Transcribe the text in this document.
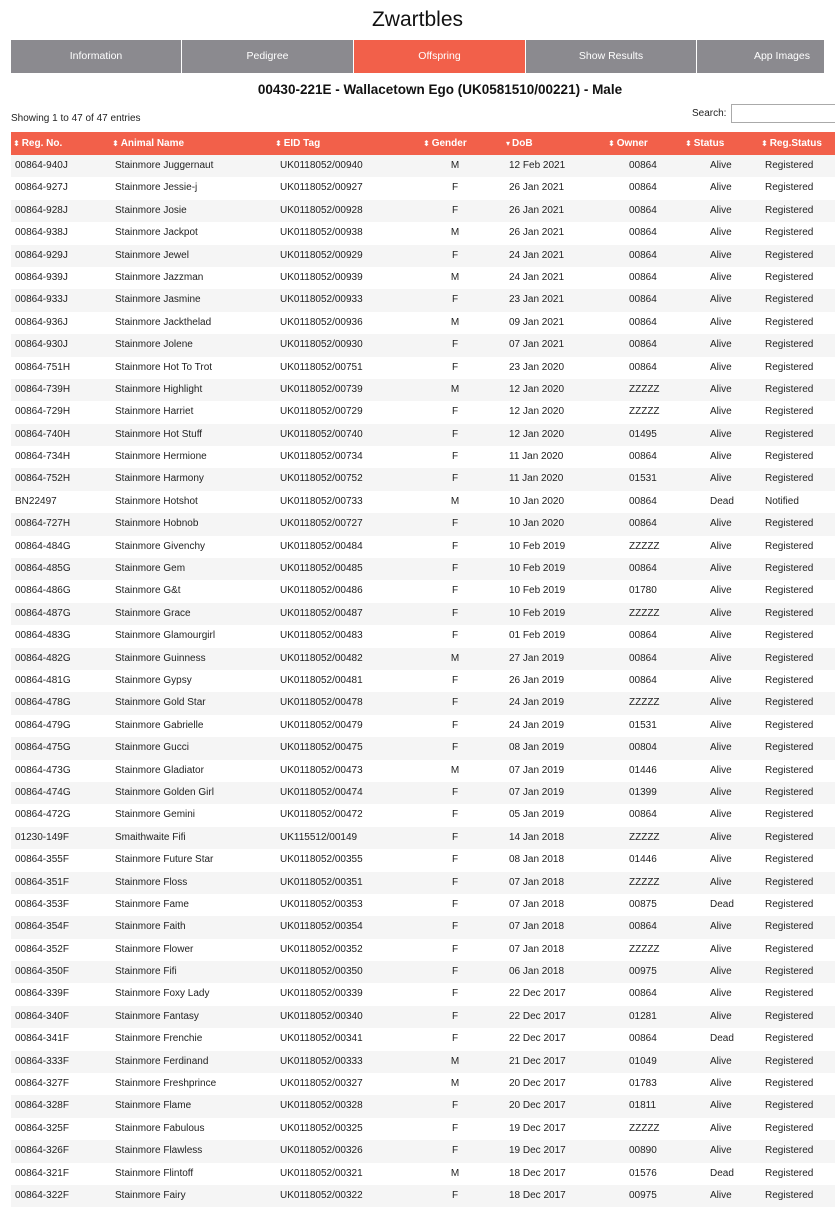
Zwartbles
Information	Pedigree	Offspring	Show Results	App Images
00430-221E - Wallacetown Ego (UK0581510/00221) - Male
Showing 1 to 47 of 47 entries	Search:
⬍ Reg. No.	⬍ Animal Name	⬍ EID Tag	⬍ Gender	▾ DoB	⬍ Owner	⬍ Status	⬍ Reg.Status
00864-940J	Stainmore Juggernaut	UK0118052/00940	M	12 Feb 2021	00864	Alive	Registered
00864-927J	Stainmore Jessie-j	UK0118052/00927	F	26 Jan 2021	00864	Alive	Registered
00864-928J	Stainmore Josie	UK0118052/00928	F	26 Jan 2021	00864	Alive	Registered
00864-938J	Stainmore Jackpot	UK0118052/00938	M	26 Jan 2021	00864	Alive	Registered
00864-929J	Stainmore Jewel	UK0118052/00929	F	24 Jan 2021	00864	Alive	Registered
00864-939J	Stainmore Jazzman	UK0118052/00939	M	24 Jan 2021	00864	Alive	Registered
00864-933J	Stainmore Jasmine	UK0118052/00933	F	23 Jan 2021	00864	Alive	Registered
00864-936J	Stainmore Jackthelad	UK0118052/00936	M	09 Jan 2021	00864	Alive	Registered
00864-930J	Stainmore Jolene	UK0118052/00930	F	07 Jan 2021	00864	Alive	Registered
00864-751H	Stainmore Hot To Trot	UK0118052/00751	F	23 Jan 2020	00864	Alive	Registered
00864-739H	Stainmore Highlight	UK0118052/00739	M	12 Jan 2020	ZZZZZ	Alive	Registered
00864-729H	Stainmore Harriet	UK0118052/00729	F	12 Jan 2020	ZZZZZ	Alive	Registered
00864-740H	Stainmore Hot Stuff	UK0118052/00740	F	12 Jan 2020	01495	Alive	Registered
00864-734H	Stainmore Hermione	UK0118052/00734	F	11 Jan 2020	00864	Alive	Registered
00864-752H	Stainmore Harmony	UK0118052/00752	F	11 Jan 2020	01531	Alive	Registered
BN22497	Stainmore Hotshot	UK0118052/00733	M	10 Jan 2020	00864	Dead	Notified
00864-727H	Stainmore Hobnob	UK0118052/00727	F	10 Jan 2020	00864	Alive	Registered
00864-484G	Stainmore Givenchy	UK0118052/00484	F	10 Feb 2019	ZZZZZ	Alive	Registered
00864-485G	Stainmore Gem	UK0118052/00485	F	10 Feb 2019	00864	Alive	Registered
00864-486G	Stainmore G&t	UK0118052/00486	F	10 Feb 2019	01780	Alive	Registered
00864-487G	Stainmore Grace	UK0118052/00487	F	10 Feb 2019	ZZZZZ	Alive	Registered
00864-483G	Stainmore Glamourgirl	UK0118052/00483	F	01 Feb 2019	00864	Alive	Registered
00864-482G	Stainmore Guinness	UK0118052/00482	M	27 Jan 2019	00864	Alive	Registered
00864-481G	Stainmore Gypsy	UK0118052/00481	F	26 Jan 2019	00864	Alive	Registered
00864-478G	Stainmore Gold Star	UK0118052/00478	F	24 Jan 2019	ZZZZZ	Alive	Registered
00864-479G	Stainmore Gabrielle	UK0118052/00479	F	24 Jan 2019	01531	Alive	Registered
00864-475G	Stainmore Gucci	UK0118052/00475	F	08 Jan 2019	00804	Alive	Registered
00864-473G	Stainmore Gladiator	UK0118052/00473	M	07 Jan 2019	01446	Alive	Registered
00864-474G	Stainmore Golden Girl	UK0118052/00474	F	07 Jan 2019	01399	Alive	Registered
00864-472G	Stainmore Gemini	UK0118052/00472	F	05 Jan 2019	00864	Alive	Registered
01230-149F	Smaithwaite Fifi	UK115512/00149	F	14 Jan 2018	ZZZZZ	Alive	Registered
00864-355F	Stainmore Future Star	UK0118052/00355	F	08 Jan 2018	01446	Alive	Registered
00864-351F	Stainmore Floss	UK0118052/00351	F	07 Jan 2018	ZZZZZ	Alive	Registered
00864-353F	Stainmore Fame	UK0118052/00353	F	07 Jan 2018	00875	Dead	Registered
00864-354F	Stainmore Faith	UK0118052/00354	F	07 Jan 2018	00864	Alive	Registered
00864-352F	Stainmore Flower	UK0118052/00352	F	07 Jan 2018	ZZZZZ	Alive	Registered
00864-350F	Stainmore Fifi	UK0118052/00350	F	06 Jan 2018	00975	Alive	Registered
00864-339F	Stainmore Foxy Lady	UK0118052/00339	F	22 Dec 2017	00864	Alive	Registered
00864-340F	Stainmore Fantasy	UK0118052/00340	F	22 Dec 2017	01281	Alive	Registered
00864-341F	Stainmore Frenchie	UK0118052/00341	F	22 Dec 2017	00864	Dead	Registered
00864-333F	Stainmore Ferdinand	UK0118052/00333	M	21 Dec 2017	01049	Alive	Registered
00864-327F	Stainmore Freshprince	UK0118052/00327	M	20 Dec 2017	01783	Alive	Registered
00864-328F	Stainmore Flame	UK0118052/00328	F	20 Dec 2017	01811	Alive	Registered
00864-325F	Stainmore Fabulous	UK0118052/00325	F	19 Dec 2017	ZZZZZ	Alive	Registered
00864-326F	Stainmore Flawless	UK0118052/00326	F	19 Dec 2017	00890	Alive	Registered
00864-321F	Stainmore Flintoff	UK0118052/00321	M	18 Dec 2017	01576	Dead	Registered
00864-322F	Stainmore Fairy	UK0118052/00322	F	18 Dec 2017	00975	Alive	Registered
